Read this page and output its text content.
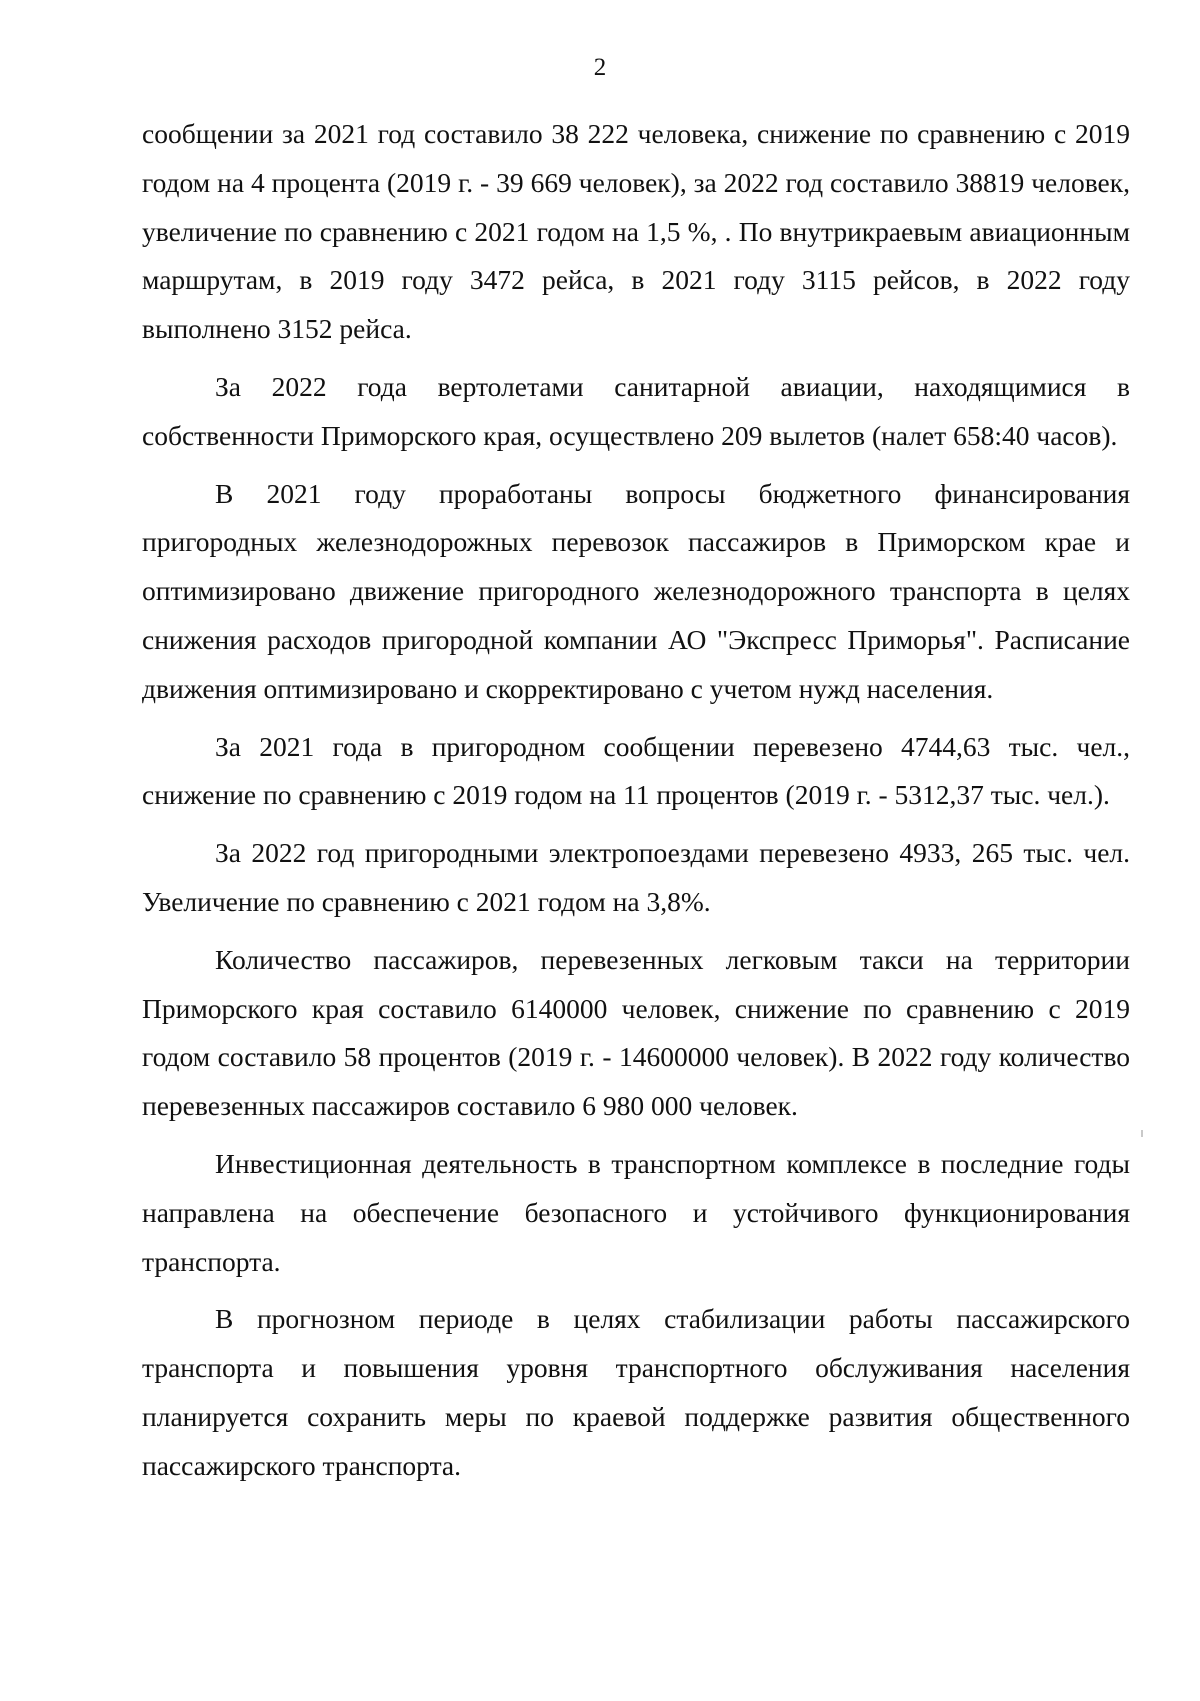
2

сообщении за 2021 год составило 38 222 человека, снижение по сравнению с 2019 годом на 4 процента (2019 г. - 39 669 человек), за 2022 год составило 38819 человек, увеличение по сравнению с 2021 годом на 1,5 %, . По внутрикраевым авиационным маршрутам, в 2019 году 3472 рейса, в 2021 году 3115 рейсов, в 2022 году выполнено 3152 рейса.

За 2022 года вертолетами санитарной авиации, находящимися в собственности Приморского края, осуществлено 209 вылетов (налет 658:40 часов).

В 2021 году проработаны вопросы бюджетного финансирования пригородных железнодорожных перевозок пассажиров в Приморском крае и оптимизировано движение пригородного железнодорожного транспорта в целях снижения расходов пригородной компании АО "Экспресс Приморья". Расписание движения оптимизировано и скорректировано с учетом нужд населения.

За 2021 года в пригородном сообщении перевезено 4744,63 тыс. чел., снижение по сравнению с 2019 годом на 11 процентов (2019 г. - 5312,37 тыс. чел.).

За 2022 год пригородными электропоездами перевезено 4933, 265 тыс. чел. Увеличение по сравнению с 2021 годом на 3,8%.

Количество пассажиров, перевезенных легковым такси на территории Приморского края составило 6140000 человек, снижение по сравнению с 2019 годом составило 58 процентов (2019 г. - 14600000 человек). В 2022 году количество перевезенных пассажиров составило 6 980 000 человек.

Инвестиционная деятельность в транспортном комплексе в последние годы направлена на обеспечение безопасного и устойчивого функционирования транспорта.

В прогнозном периоде в целях стабилизации работы пассажирского транспорта и повышения уровня транспортного обслуживания населения планируется сохранить меры по краевой поддержке развития общественного пассажирского транспорта.
